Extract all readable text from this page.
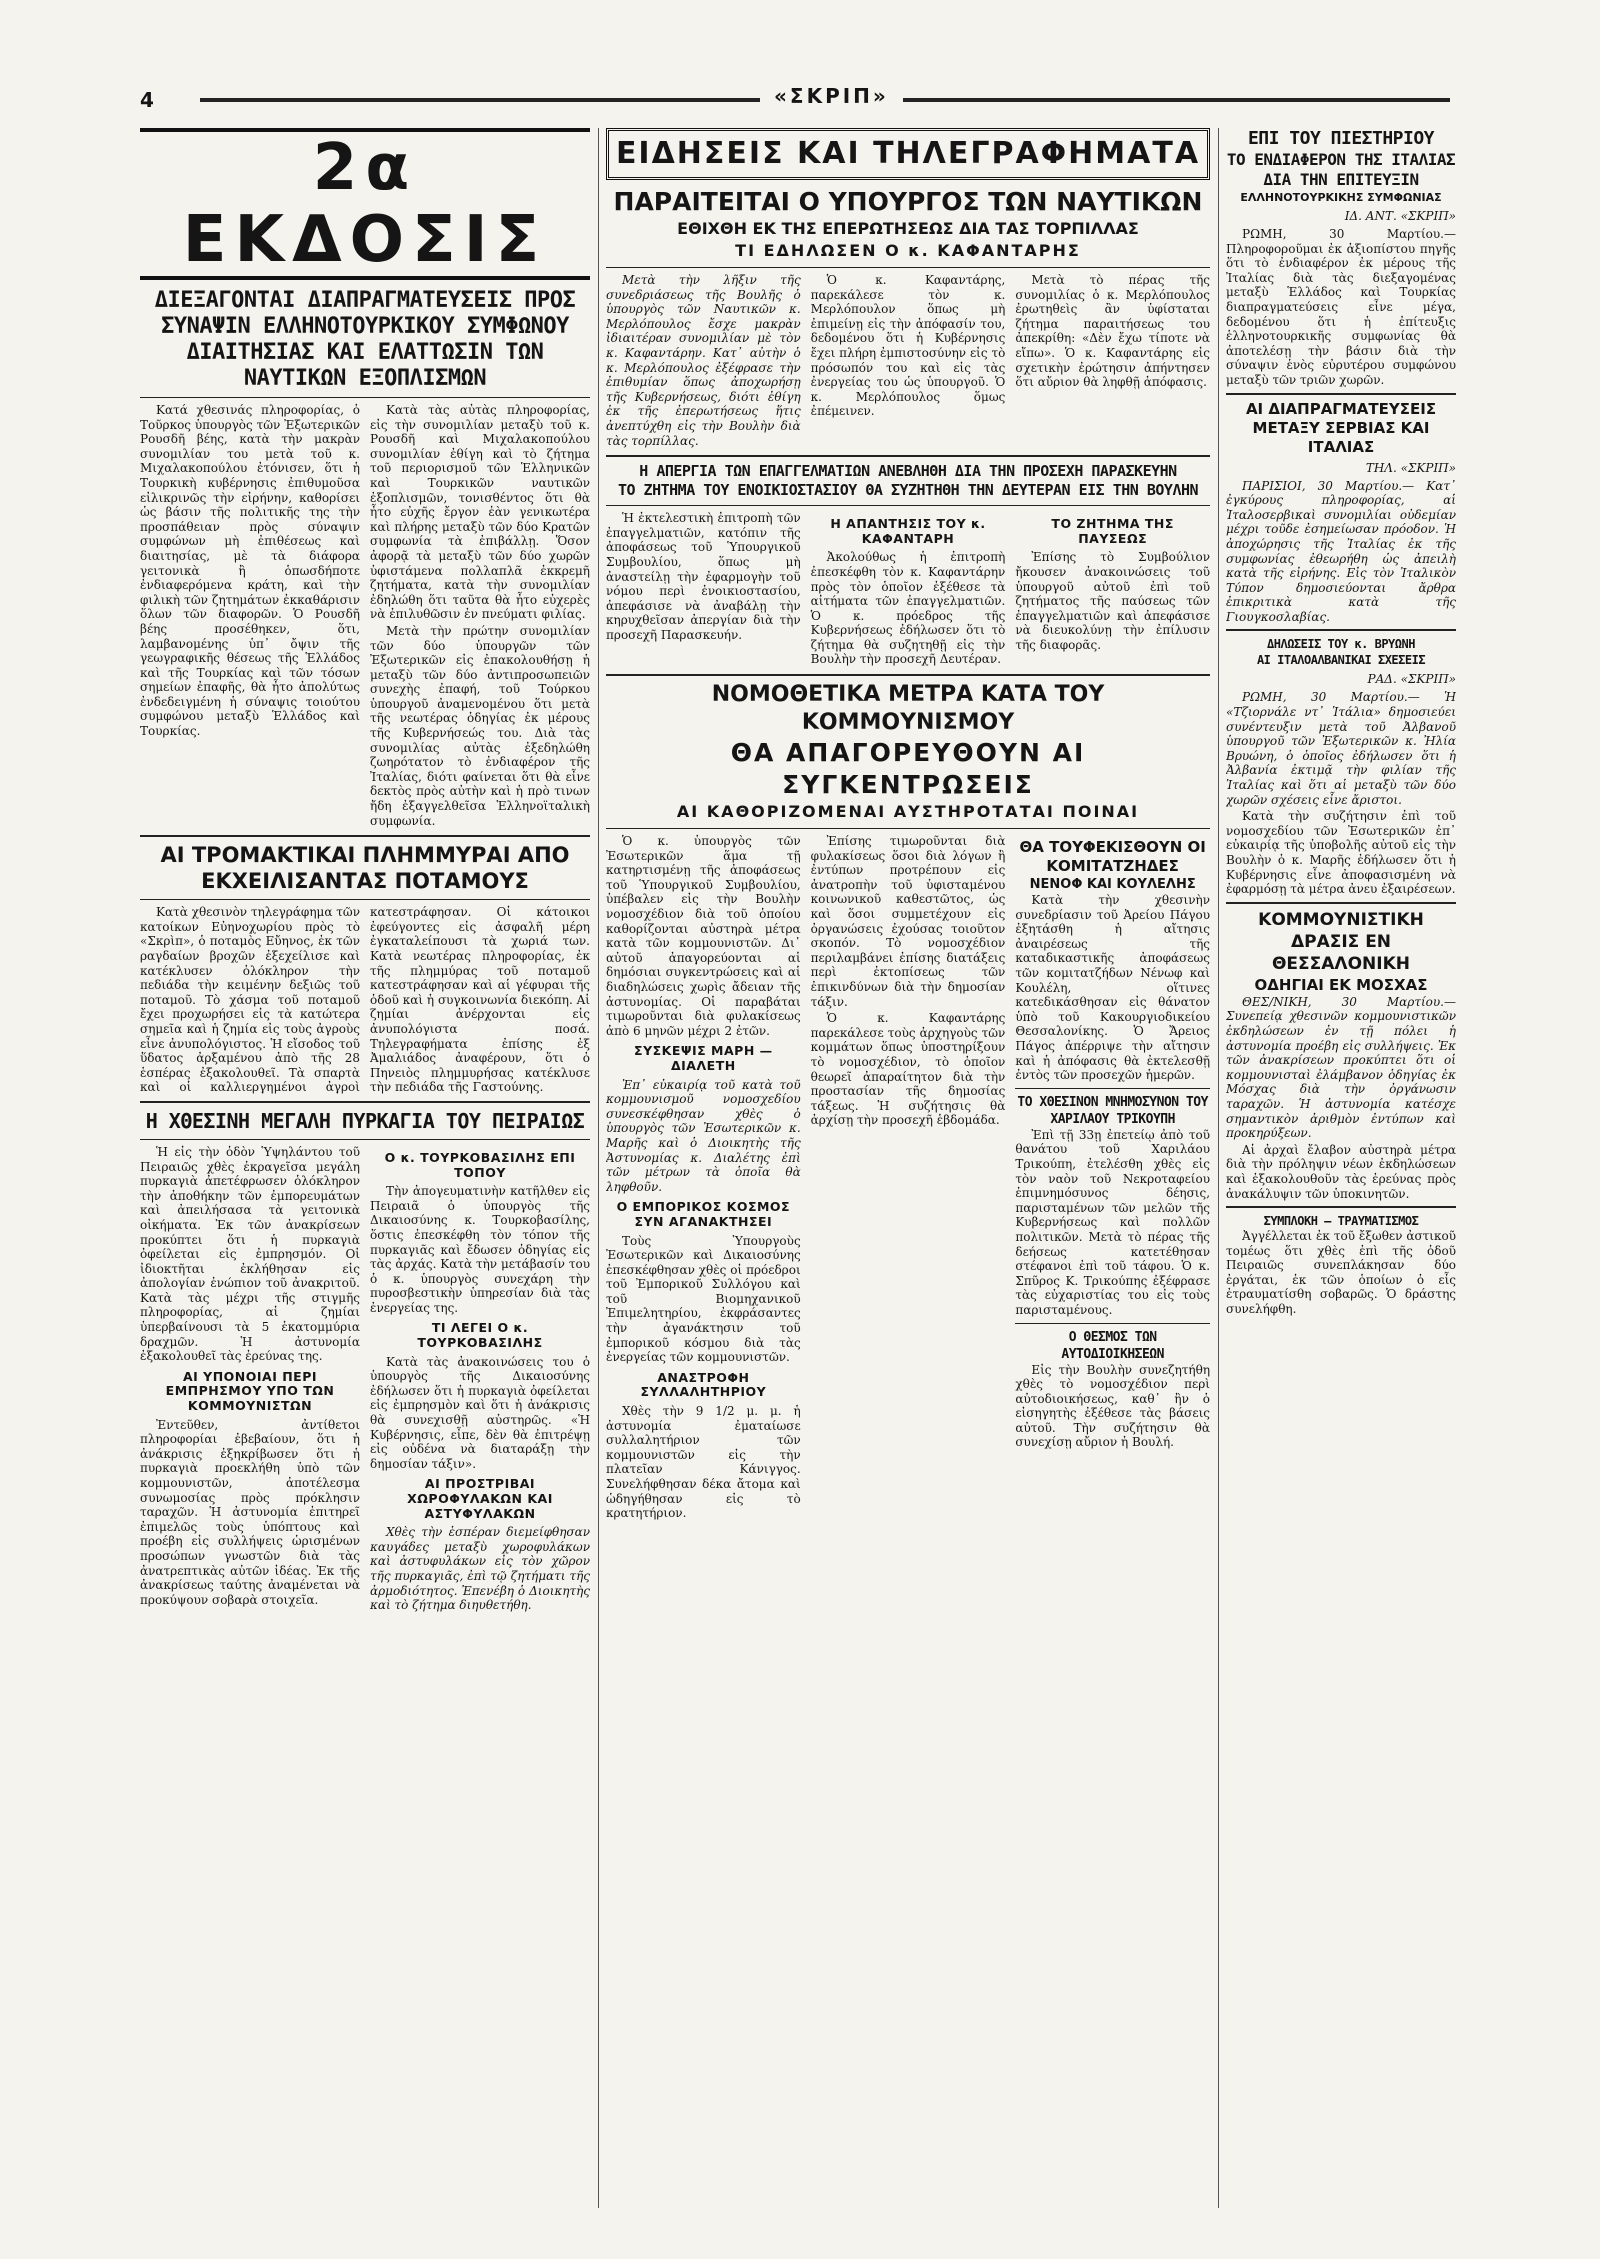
4	«ΣΚΡΙΠ»
2α ΕΚΔΟΣΙΣ
ΔΙΕΞΑΓΟΝΤΑΙ ΔΙΑΠΡΑΓΜΑΤΕΥΣΕΙΣ ΠΡΟΣ ΣΥΝΑΨΙΝ ΕΛΛΗΝΟΤΟΥΡΚΙΚΟΥ ΣΥΜΦΩΝΟΥ ΔΙΑΙΤΗΣΙΑΣ ΚΑΙ ΕΛΑΤΤΩΣΙΝ ΤΩΝ ΝΑΥΤΙΚΩΝ ΕΞΟΠΛΙΣΜΩΝ

Κατά χθεσινάς πληροφορίας, ὁ Τοῦρκος ὑπουργὸς τῶν Ἐξωτερικῶν Ρουσδῆ βέης, κατὰ τὴν μακρὰν συνομιλίαν του μετὰ τοῦ κ. Μιχαλακοπούλου ἐτόνισεν, ὅτι ἡ Τουρκικὴ κυβέρνησις ἐπιθυμοῦσα εἰλικρινῶς τὴν εἰρήνην, καθορίσει ὡς βάσιν τῆς πολιτικῆς της τὴν προσπάθειαν πρὸς σύναψιν συμφώνων μὴ ἐπιθέσεως καὶ διαιτησίας, μὲ τὰ διάφορα γειτονικὰ ἢ ὁπωσδήποτε ἐνδιαφερόμενα κράτη, καὶ τὴν φιλικὴ τῶν ζητημάτων ἐκκαθάρισιν ὅλων τῶν διαφορῶν. Ὁ Ρουσδῆ βέης προσέθηκεν, ὅτι, λαμβανομένης ὑπ᾽ ὄψιν τῆς γεωγραφικῆς θέσεως τῆς Ἑλλάδος καὶ τῆς Τουρκίας καὶ τῶν τόσων σημείων ἐπαφῆς, θὰ ἦτο ἀπολύτως ἐνδεδειγμένη ἡ σύναψις τοιούτου συμφώνου μεταξὺ Ἑλλάδος καὶ Τουρκίας.

Κατὰ τὰς αὐτὰς πληροφορίας, εἰς τὴν συνομιλίαν μεταξὺ τοῦ κ. Ρουσδῆ καὶ Μιχαλακοπούλου συνομιλίαν ἐθίγη καὶ τὸ ζήτημα τοῦ περιορισμοῦ τῶν Ἑλληνικῶν καὶ Τουρκικῶν ναυτικῶν ἐξοπλισμῶν, τονισθέντος ὅτι θὰ ἦτο εὐχῆς ἔργον ἐὰν γενικωτέρα καὶ πλήρης μεταξὺ τῶν δύο Κρατῶν συμφωνία τὰ ἐπιβάλλῃ. Ὅσον ἀφορᾷ τὰ μεταξὺ τῶν δύο χωρῶν ὑφιστάμενα πολλαπλᾶ ἐκκρεμῆ ζητήματα, κατὰ τὴν συνομιλίαν ἐδηλώθη ὅτι ταῦτα θὰ ἦτο εὐχερὲς νὰ ἐπιλυθῶσιν ἐν πνεύματι φιλίας.

Μετὰ τὴν πρώτην συνομιλίαν τῶν δύο ὑπουργῶν τῶν Ἐξωτερικῶν εἰς ἐπακολουθήσῃ ἡ μεταξὺ τῶν δύο ἀντιπροσωπειῶν συνεχὴς ἐπαφή, τοῦ Τούρκου ὑπουργοῦ ἀναμενομένου ὅτι μετὰ τῆς νεωτέρας ὁδηγίας ἐκ μέρους τῆς Κυβερνήσεώς του. Διὰ τὰς συνομιλίας αὐτὰς ἐξεδηλώθη ζωηρότατον τὸ ἐνδιαφέρον τῆς Ἰταλίας, διότι φαίνεται ὅτι θὰ εἶνε δεκτὸς πρὸς αὐτὴν καὶ ἡ πρὸ τινων ἤδη ἐξαγγελθεῖσα Ἑλληνοϊταλικὴ συμφωνία.

ΑΙ ΤΡΟΜΑΚΤΙΚΑΙ ΠΛΗΜΜΥΡΑΙ ΑΠΟ ΕΚΧΕΙΛΙΣΑΝΤΑΣ ΠΟΤΑΜΟΥΣ

Κατὰ χθεσινὸν τηλεγράφημα τῶν κατοίκων Εὐηνοχωρίου πρὸς τὸ «Σκρὶπ», ὁ ποταμὸς Εὔηνος, ἐκ τῶν ραγδαίων βροχῶν ἐξεχείλισε καὶ κατέκλυσεν ὁλόκληρον τὴν πεδιάδα τὴν κειμένην δεξιῶς τοῦ ποταμοῦ. Τὸ χάσμα τοῦ ποταμοῦ ἔχει προχωρήσει εἰς τὰ κατώτερα σημεῖα καὶ ἡ ζημία εἰς τοὺς ἀγροὺς εἶνε ἀνυπολόγιστος. Ἡ εἴσοδος τοῦ ὕδατος ἀρξαμένου ἀπὸ τῆς 28 ἑσπέρας ἐξακολουθεῖ. Τὰ σπαρτὰ καὶ οἱ καλλιεργημένοι ἀγροὶ κατεστράφησαν. Οἱ κάτοικοι ἐφεύγοντες εἰς ἀσφαλῆ μέρη ἐγκαταλείπουσι τὰ χωριά των. Κατὰ νεωτέρας πληροφορίας, ἐκ τῆς πλημμύρας τοῦ ποταμοῦ κατεστράφησαν καὶ αἱ γέφυραι τῆς ὁδοῦ καὶ ἡ συγκοινωνία διεκόπη. Αἱ ζημίαι ἀνέρχονται εἰς ἀνυπολόγιστα ποσά. Τηλεγραφήματα ἐπίσης ἐξ Ἀμαλιάδος ἀναφέρουν, ὅτι ὁ Πηνειὸς πλημμυρήσας κατέκλυσε τὴν πεδιάδα τῆς Γαστούνης.

Η ΧΘΕΣΙΝΗ ΜΕΓΑΛΗ ΠΥΡΚΑΓΙΑ ΤΟΥ ΠΕΙΡΑΙΩΣ

Ἡ εἰς τὴν ὁδὸν Ὑψηλάντου τοῦ Πειραιῶς χθὲς ἐκραγεῖσα μεγάλη πυρκαγιὰ ἀπετέφρωσεν ὁλόκληρον τὴν ἀποθήκην τῶν ἐμπορευμάτων καὶ ἀπειλήσασα τὰ γειτονικὰ οἰκήματα. Ἐκ τῶν ἀνακρίσεων προκύπτει ὅτι ἡ πυρκαγιὰ ὀφείλεται εἰς ἐμπρησμόν. Οἱ ἰδιοκτῆται ἐκλήθησαν εἰς ἀπολογίαν ἐνώπιον τοῦ ἀνακριτοῦ. Κατὰ τὰς μέχρι τῆς στιγμῆς πληροφορίας, αἱ ζημίαι ὑπερβαίνουσι τὰ 5 ἑκατομμύρια δραχμῶν. Ἡ ἀστυνομία ἐξακολουθεῖ τὰς ἐρεύνας της.

ΑΙ ΥΠΟΝΟΙΑΙ ΠΕΡΙ ΕΜΠΡΗΣΜΟΥ ΥΠΟ ΤΩΝ ΚΟΜΜΟΥΝΙΣΤΩΝ

Ἐντεῦθεν, ἀντίθετοι πληροφορίαι ἐβεβαίουν, ὅτι ἡ ἀνάκρισις ἐξηκρίβωσεν ὅτι ἡ πυρκαγιὰ προεκλήθη ὑπὸ τῶν κομμουνιστῶν, ἀποτέλεσμα συνωμοσίας πρὸς πρόκλησιν ταραχῶν. Ἡ ἀστυνομία ἐπιτηρεῖ ἐπιμελῶς τοὺς ὑπόπτους καὶ προέβη εἰς συλλήψεις ὡρισμένων προσώπων γνωστῶν διὰ τὰς ἀνατρεπτικὰς αὐτῶν ἰδέας. Ἐκ τῆς ἀνακρίσεως ταύτης ἀναμένεται νὰ προκύψουν σοβαρὰ στοιχεῖα.

Ο κ. ΤΟΥΡΚΟΒΑΣΙΛΗΣ ΕΠΙ ΤΟΠΟΥ

Τὴν ἀπογευματινὴν κατῆλθεν εἰς Πειραιᾶ ὁ ὑπουργὸς τῆς Δικαιοσύνης κ. Τουρκοβασίλης, ὅστις ἐπεσκέφθη τὸν τόπον τῆς πυρκαγιᾶς καὶ ἔδωσεν ὁδηγίας εἰς τὰς ἀρχάς. Κατὰ τὴν μετάβασίν του ὁ κ. ὑπουργὸς συνεχάρη τὴν πυροσβεστικὴν ὑπηρεσίαν διὰ τὰς ἐνεργείας της.

ΤΙ ΛΕΓΕΙ Ο κ. ΤΟΥΡΚΟΒΑΣΙΛΗΣ

Κατὰ τὰς ἀνακοινώσεις του ὁ ὑπουργὸς τῆς Δικαιοσύνης ἐδήλωσεν ὅτι ἡ πυρκαγιὰ ὀφείλεται εἰς ἐμπρησμὸν καὶ ὅτι ἡ ἀνάκρισις θὰ συνεχισθῇ αὐστηρῶς. «Ἡ Κυβέρνησις, εἶπε, δὲν θὰ ἐπιτρέψῃ εἰς οὐδένα νὰ διαταράξῃ τὴν δημοσίαν τάξιν».

ΑΙ ΠΡΟΣΤΡΙΒΑΙ ΧΩΡΟΦΥΛΑΚΩΝ ΚΑΙ ΑΣΤΥΦΥΛΑΚΩΝ

Χθὲς τὴν ἑσπέραν διεμείφθησαν καυγάδες μεταξὺ χωροφυλάκων καὶ ἀστυφυλάκων εἰς τὸν χῶρον τῆς πυρκαγιᾶς, ἐπὶ τῷ ζητήματι τῆς ἀρμοδιότητος. Ἐπενέβη ὁ Διοικητὴς καὶ τὸ ζήτημα διηυθετήθη.

ΕΙΔΗΣΕΙΣ ΚΑΙ ΤΗΛΕΓΡΑΦΗΜΑΤΑ
ΠΑΡΑΙΤΕΙΤΑΙ Ο ΥΠΟΥΡΓΟΣ ΤΩΝ ΝΑΥΤΙΚΩΝ
ΕΘΙΧΘΗ ΕΚ ΤΗΣ ΕΠΕΡΩΤΗΣΕΩΣ ΔΙΑ ΤΑΣ ΤΟΡΠΙΛΛΑΣ
ΤΙ ΕΔΗΛΩΣΕΝ Ο κ. ΚΑΦΑΝΤΑΡΗΣ

Μετὰ τὴν λῆξιν τῆς συνεδριάσεως τῆς Βουλῆς ὁ ὑπουργὸς τῶν Ναυτικῶν κ. Μερλόπουλος ἔσχε μακρὰν ἰδιαιτέραν συνομιλίαν μὲ τὸν κ. Καφαντάρην. Κατ᾽ αὐτὴν ὁ κ. Μερλόπουλος ἐξέφρασε τὴν ἐπιθυμίαν ὅπως ἀποχωρήσῃ τῆς Κυβερνήσεως, διότι ἐθίγη ἐκ τῆς ἐπερωτήσεως ἥτις ἀνεπτύχθη εἰς τὴν Βουλὴν διὰ τὰς τορπίλλας.

Ὁ κ. Καφαντάρης, παρεκάλεσε τὸν κ. Μερλόπουλον ὅπως μὴ ἐπιμείνῃ εἰς τὴν ἀπόφασίν του, δεδομένου ὅτι ἡ Κυβέρνησις ἔχει πλήρη ἐμπιστοσύνην εἰς τὸ πρόσωπόν του καὶ εἰς τὰς ἐνεργείας του ὡς ὑπουργοῦ. Ὁ κ. Μερλόπουλος ὅμως ἐπέμεινεν.

Μετὰ τὸ πέρας τῆς συνομιλίας ὁ κ. Μερλόπουλος ἐρωτηθεὶς ἂν ὑφίσταται ζήτημα παραιτήσεως του ἀπεκρίθη: «Δὲν ἔχω τίποτε νὰ εἴπω». Ὁ κ. Καφαντάρης εἰς σχετικὴν ἐρώτησιν ἀπήντησεν ὅτι αὔριον θὰ ληφθῇ ἀπόφασις.

Η ΑΠΕΡΓΙΑ ΤΩΝ ΕΠΑΓΓΕΛΜΑΤΙΩΝ ΑΝΕΒΛΗΘΗ ΔΙΑ ΤΗΝ ΠΡΟΣΕΧΗ ΠΑΡΑΣΚΕΥΗΝ
ΤΟ ΖΗΤΗΜΑ ΤΟΥ ΕΝΟΙΚΙΟΣΤΑΣΙΟΥ ΘΑ ΣΥΖΗΤΗΘΗ ΤΗΝ ΔΕΥΤΕΡΑΝ ΕΙΣ ΤΗΝ ΒΟΥΛΗΝ

Ἡ ἐκτελεστικὴ ἐπιτροπὴ τῶν ἐπαγγελματιῶν, κατόπιν τῆς ἀποφάσεως τοῦ Ὑπουργικοῦ Συμβουλίου, ὅπως μὴ ἀναστείλῃ τὴν ἐφαρμογὴν τοῦ νόμου περὶ ἐνοικιοστασίου, ἀπεφάσισε νὰ ἀναβάλῃ τὴν κηρυχθεῖσαν ἀπεργίαν διὰ τὴν προσεχῆ Παρασκευήν.

Η ΑΠΑΝΤΗΣΙΣ ΤΟΥ κ. ΚΑΦΑΝΤΑΡΗ

Ἀκολούθως ἡ ἐπιτροπὴ ἐπεσκέφθη τὸν κ. Καφαντάρην πρὸς τὸν ὁποῖον ἐξέθεσε τὰ αἰτήματα τῶν ἐπαγγελματιῶν. Ὁ κ. πρόεδρος τῆς Κυβερνήσεως ἐδήλωσεν ὅτι τὸ ζήτημα θὰ συζητηθῇ εἰς τὴν Βουλὴν τὴν προσεχῆ Δευτέραν.

ΤΟ ΖΗΤΗΜΑ ΤΗΣ ΠΑΥΣΕΩΣ

Ἐπίσης τὸ Συμβούλιον ἤκουσεν ἀνακοινώσεις τοῦ ὑπουργοῦ αὐτοῦ ἐπὶ τοῦ ζητήματος τῆς παύσεως τῶν ἐπαγγελματιῶν καὶ ἀπεφάσισε νὰ διευκολύνῃ τὴν ἐπίλυσιν τῆς διαφορᾶς.

ΝΟΜΟΘΕΤΙΚΑ ΜΕΤΡΑ ΚΑΤΑ ΤΟΥ ΚΟΜΜΟΥΝΙΣΜΟΥ
ΘΑ ΑΠΑΓΟΡΕΥΘΟΥΝ ΑΙ ΣΥΓΚΕΝΤΡΩΣΕΙΣ
ΑΙ ΚΑΘΟΡΙΖΟΜΕΝΑΙ ΑΥΣΤΗΡΟΤΑΤΑΙ ΠΟΙΝΑΙ

Ὁ κ. ὑπουργὸς τῶν Ἐσωτερικῶν ἅμα τῇ κατηρτισμένῃ τῆς ἀποφάσεως τοῦ Ὑπουργικοῦ Συμβουλίου, ὑπέβαλεν εἰς τὴν Βουλὴν νομοσχέδιον διὰ τοῦ ὁποίου καθορίζονται αὐστηρὰ μέτρα κατὰ τῶν κομμουνιστῶν. Δι᾽ αὐτοῦ ἀπαγορεύονται αἱ δημόσιαι συγκεντρώσεις καὶ αἱ διαδηλώσεις χωρὶς ἄδειαν τῆς ἀστυνομίας. Οἱ παραβάται τιμωροῦνται διὰ φυλακίσεως ἀπὸ 6 μηνῶν μέχρι 2 ἐτῶν.

ΣΥΣΚΕΨΙΣ ΜΑΡΗ — ΔΙΑΛΕΤΗ

Ἐπ᾽ εὐκαιρίᾳ τοῦ κατὰ τοῦ κομμουνισμοῦ νομοσχεδίου συνεσκέφθησαν χθὲς ὁ ὑπουργὸς τῶν Ἐσωτερικῶν κ. Μαρῆς καὶ ὁ Διοικητὴς τῆς Ἀστυνομίας κ. Διαλέτης ἐπὶ τῶν μέτρων τὰ ὁποῖα θὰ ληφθοῦν.

Ο ΕΜΠΟΡΙΚΟΣ ΚΟΣΜΟΣ ΣΥΝ ΑΓΑΝΑΚΤΗΣΕΙ

Τοὺς Ὑπουργοὺς Ἐσωτερικῶν καὶ Δικαιοσύνης ἐπεσκέφθησαν χθὲς οἱ πρόεδροι τοῦ Ἐμπορικοῦ Συλλόγου καὶ τοῦ Βιομηχανικοῦ Ἐπιμελητηρίου, ἐκφράσαντες τὴν ἀγανάκτησιν τοῦ ἐμπορικοῦ κόσμου διὰ τὰς ἐνεργείας τῶν κομμουνιστῶν.

ΑΝΑΣΤΡΟΦΗ ΣΥΛΛΑΛΗΤΗΡΙΟΥ

Χθὲς τὴν 9 1/2 μ. μ. ἡ ἀστυνομία ἐματαίωσε συλλαλητήριον τῶν κομμουνιστῶν εἰς τὴν πλατεῖαν Κάνιγγος. Συνελήφθησαν δέκα ἄτομα καὶ ὡδηγήθησαν εἰς τὸ κρατητήριον.

Ἐπίσης τιμωροῦνται διὰ φυλακίσεως ὅσοι διὰ λόγων ἢ ἐντύπων προτρέπουν εἰς ἀνατροπὴν τοῦ ὑφισταμένου κοινωνικοῦ καθεστῶτος, ὡς καὶ ὅσοι συμμετέχουν εἰς ὀργανώσεις ἐχούσας τοιοῦτον σκοπόν. Τὸ νομοσχέδιον περιλαμβάνει ἐπίσης διατάξεις περὶ ἐκτοπίσεως τῶν ἐπικινδύνων διὰ τὴν δημοσίαν τάξιν.

Ὁ κ. Καφαντάρης παρεκάλεσε τοὺς ἀρχηγοὺς τῶν κομμάτων ὅπως ὑποστηρίξουν τὸ νομοσχέδιον, τὸ ὁποῖον θεωρεῖ ἀπαραίτητον διὰ τὴν προστασίαν τῆς δημοσίας τάξεως. Ἡ συζήτησις θὰ ἀρχίσῃ τὴν προσεχῆ ἑβδομάδα.

ΘΑ ΤΟΥΦΕΚΙΣΘΟΥΝ ΟΙ ΚΟΜΙΤΑΤΖΗΔΕΣ
ΝΕΝΟΦ ΚΑΙ ΚΟΥΛΕΛΗΣ

Κατὰ τὴν χθεσινὴν συνεδρίασιν τοῦ Ἀρείου Πάγου ἐξητάσθη ἡ αἴτησις ἀναιρέσεως τῆς καταδικαστικῆς ἀποφάσεως τῶν κομιτατζήδων Νένωφ καὶ Κουλέλη, οἵτινες κατεδικάσθησαν εἰς θάνατον ὑπὸ τοῦ Κακουργιοδικείου Θεσσαλονίκης. Ὁ Ἄρειος Πάγος ἀπέρριψε τὴν αἴτησιν καὶ ἡ ἀπόφασις θὰ ἐκτελεσθῇ ἐντὸς τῶν προσεχῶν ἡμερῶν.

ΤΟ ΧΘΕΣΙΝΟΝ ΜΝΗΜΟΣΥΝΟΝ ΤΟΥ ΧΑΡΙΛΑΟΥ ΤΡΙΚΟΥΠΗ

Ἐπὶ τῇ 33ῃ ἐπετείῳ ἀπὸ τοῦ θανάτου τοῦ Χαριλάου Τρικούπη, ἐτελέσθη χθὲς εἰς τὸν ναὸν τοῦ Νεκροταφείου ἐπιμνημόσυνος δέησις, παρισταμένων τῶν μελῶν τῆς Κυβερνήσεως καὶ πολλῶν πολιτικῶν. Μετὰ τὸ πέρας τῆς δεήσεως κατετέθησαν στέφανοι ἐπὶ τοῦ τάφου. Ὁ κ. Σπῦρος Κ. Τρικούπης ἐξέφρασε τὰς εὐχαριστίας του εἰς τοὺς παρισταμένους.

Ο ΘΕΣΜΟΣ ΤΩΝ ΑΥΤΟΔΙΟΙΚΗΣΕΩΝ

Εἰς τὴν Βουλὴν συνεζητήθη χθὲς τὸ νομοσχέδιον περὶ αὐτοδιοικήσεως, καθ᾽ ἣν ὁ εἰσηγητὴς ἐξέθεσε τὰς βάσεις αὐτοῦ. Τὴν συζήτησιν θὰ συνεχίσῃ αὔριον ἡ Βουλή.

ΕΠΙ ΤΟΥ ΠΙΕΣΤΗΡΙΟΥ
ΤΟ ΕΝΔΙΑΦΕΡΟΝ ΤΗΣ ΙΤΑΛΙΑΣ ΔΙΑ ΤΗΝ ΕΠΙΤΕΥΞΙΝ
ΕΛΛΗΝΟΤΟΥΡΚΙΚΗΣ ΣΥΜΦΩΝΙΑΣ
ΙΔ. ΑΝΤ. «ΣΚΡΙΠ»

ΡΩΜΗ, 30 Μαρτίου.— Πληροφοροῦμαι ἐκ ἀξιοπίστου πηγῆς ὅτι τὸ ἐνδιαφέρον ἐκ μέρους τῆς Ἰταλίας διὰ τὰς διεξαγομένας μεταξὺ Ἑλλάδος καὶ Τουρκίας διαπραγματεύσεις εἶνε μέγα, δεδομένου ὅτι ἡ ἐπίτευξις ἑλληνοτουρκικῆς συμφωνίας θὰ ἀποτελέσῃ τὴν βάσιν διὰ τὴν σύναψιν ἑνὸς εὐρυτέρου συμφώνου μεταξὺ τῶν τριῶν χωρῶν.

ΑΙ ΔΙΑΠΡΑΓΜΑΤΕΥΣΕΙΣ ΜΕΤΑΞΥ ΣΕΡΒΙΑΣ ΚΑΙ ΙΤΑΛΙΑΣ
ΤΗΛ. «ΣΚΡΙΠ»

ΠΑΡΙΣΙΟΙ, 30 Μαρτίου.— Κατ᾽ ἐγκύρους πληροφορίας, αἱ Ἰταλοσερβικαὶ συνομιλίαι οὐδεμίαν μέχρι τοῦδε ἐσημείωσαν πρόοδον. Ἡ ἀποχώρησις τῆς Ἰταλίας ἐκ τῆς συμφωνίας ἐθεωρήθη ὡς ἀπειλὴ κατὰ τῆς εἰρήνης. Εἰς τὸν Ἰταλικὸν Τύπον δημοσιεύονται ἄρθρα ἐπικριτικὰ κατὰ τῆς Γιουγκοσλαβίας.

ΔΗΛΩΣΕΙΣ ΤΟΥ κ. ΒΡΥΩΝΗ
ΑΙ ΙΤΑΛΟΑΛΒΑΝΙΚΑΙ ΣΧΕΣΕΙΣ
ΡΑΔ. «ΣΚΡΙΠ»

ΡΩΜΗ, 30 Μαρτίου.— Ἡ «Τζιορνάλε ντ᾽ Ἰτάλια» δημοσιεύει συνέντευξιν μετὰ τοῦ Ἀλβανοῦ ὑπουργοῦ τῶν Ἐξωτερικῶν κ. Ἠλία Βρυώνη, ὁ ὁποῖος ἐδήλωσεν ὅτι ἡ Ἀλβανία ἐκτιμᾷ τὴν φιλίαν τῆς Ἰταλίας καὶ ὅτι αἱ μεταξὺ τῶν δύο χωρῶν σχέσεις εἶνε ἄριστοι.

Κατὰ τὴν συζήτησιν ἐπὶ τοῦ νομοσχεδίου τῶν Ἐσωτερικῶν ἐπ᾽ εὐκαιρίᾳ τῆς ὑποβολῆς αὐτοῦ εἰς τὴν Βουλὴν ὁ κ. Μαρῆς ἐδήλωσεν ὅτι ἡ Κυβέρνησις εἶνε ἀποφασισμένη νὰ ἐφαρμόσῃ τὰ μέτρα ἀνευ ἐξαιρέσεων.

ΚΟΜΜΟΥΝΙΣΤΙΚΗ ΔΡΑΣΙΣ ΕΝ ΘΕΣΣΑΛΟΝΙΚΗ
ΟΔΗΓΙΑΙ ΕΚ ΜΟΣΧΑΣ

ΘΕΣ/ΝΙΚΗ, 30 Μαρτίου.— Συνεπείᾳ χθεσινῶν κομμουνιστικῶν ἐκδηλώσεων ἐν τῇ πόλει ἡ ἀστυνομία προέβη εἰς συλλήψεις. Ἐκ τῶν ἀνακρίσεων προκύπτει ὅτι οἱ κομμουνισταὶ ἐλάμβανον ὁδηγίας ἐκ Μόσχας διὰ τὴν ὀργάνωσιν ταραχῶν. Ἡ ἀστυνομία κατέσχε σημαντικὸν ἀριθμὸν ἐντύπων καὶ προκηρύξεων.

Αἱ ἀρχαὶ ἔλαβον αὐστηρὰ μέτρα διὰ τὴν πρόληψιν νέων ἐκδηλώσεων καὶ ἐξακολουθοῦν τὰς ἐρεύνας πρὸς ἀνακάλυψιν τῶν ὑποκινητῶν.

ΣΥΜΠΛΟΚΗ — ΤΡΑΥΜΑΤΙΣΜΟΣ

Ἀγγέλλεται ἐκ τοῦ ἔξωθεν ἀστικοῦ τομέως ὅτι χθὲς ἐπὶ τῆς ὁδοῦ Πειραιῶς συνεπλάκησαν δύο ἐργάται, ἐκ τῶν ὁποίων ὁ εἷς ἐτραυματίσθη σοβαρῶς. Ὁ δράστης συνελήφθη.
